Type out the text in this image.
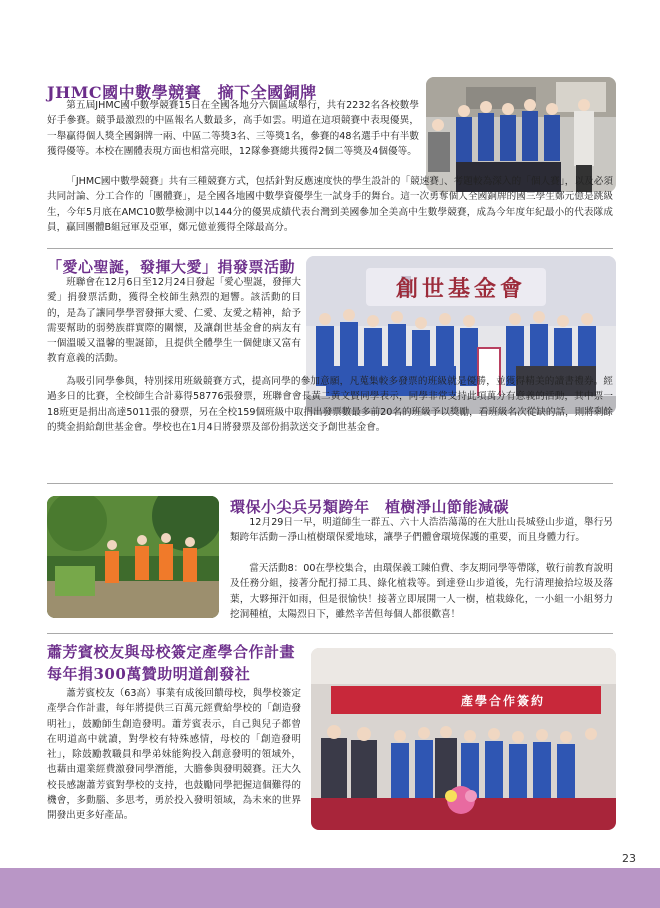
JHMC國中數學競賽　摘下全國銅牌

第五屆JHMC國中數學競賽15日在全國各地分六個區域舉行，共有2232名各校數學好手參賽。競爭最激烈的中區報名人數最多，高手如雲。明道在這項競賽中表現優異，一舉贏得個人獎全國銅牌一兩、中區二等獎3名、三等獎1名，參賽的48名選手中有半數獲得優等。本校在團體表現方面也相當亮眼，12隊參賽總共獲得2個二等獎及4個優等。

「JHMC國中數學競賽」共有三種競賽方式，包括針對反應速度快的學生設計的「競速賽」、考題較為深入的「個人賽」，以及必須共同討論、分工合作的「團體賽」，是全國各地國中數學資優學生一試身手的舞台。這一次勇奪個人全國銅牌的國三學生鄭元億是跳級生，今年5月底在AMC10數學檢測中以144分的優異成績代表台灣到美國參加全美高中生數學競賽，成為今年度年紀最小的代表隊成員，贏回團體B組冠軍及亞軍，鄭元億並獲得全隊最高分。

「愛心聖誕，發揮大愛」捐發票活動

班聯會在12月6日至12月24日發起「愛心聖誕，發揮大愛」捐發票活動，獲得全校師生熱烈的迴響。該活動的目的，是為了讓同學學習發揮大愛、仁愛、友愛之精神，給予需要幫助的弱勢族群實際的關懷，及讓創世基金會的病友有一個溫暖又溫馨的聖誕節，且提供全體學生一個健康又富有教育意義的活動。

創世基金會

為吸引同學參與，特別採用班級競賽方式，提高同學的參加意願，凡蒐集較多發票的班級就是優勝，並獲得精美的讀書禮券。經過多日的比賽，全校師生合計募得58776張發票，班聯會會長黃二黃文賢同學表示，同學非常支持此項萬分有意義的活動，其中票一18班更是捐出高達5011張的發票，另在全校159個班級中取捐出發票數最多前20名的班級予以獎勵，看班級名次從缺的話，則將剩餘的獎金捐給創世基金會。學校也在1月4日將發票及部份捐款送交予創世基金會。

環保小尖兵另類跨年　植樹淨山節能減碳

12月29日一早，明道師生一群五、六十人浩浩蕩蕩的在大肚山長城登山步道，舉行另類跨年活動－淨山植樹環保愛地球，讓學子們體會環境保護的重要，而且身體力行。

當天活動8：00在學校集合，由環保義工陳伯費、李友期同學等帶隊，敬行前教育說明及任務分組，接著分配打掃工具、綠化植栽等。到達登山步道後，先行清理撿拾垃圾及落葉，大夥揮汗如雨，但是很愉快！接著立即展開一人一樹，植栽綠化，一小組一小組努力挖洞種植，太陽烈日下，雖然辛苦但每個人都很歡喜！

蕭芳賓校友與母校簽定產學合作計畫
每年捐300萬贊助明道創發社

蕭芳賓校友（63高）事業有成後回饋母校，與學校簽定產學合作計畫，每年將提供三百萬元經費給學校的「創造發明社」，鼓勵師生創造發明。蕭芳賓表示，自己與兒子都曾在明道高中就讀，對學校有特殊感情，母校的「創造發明社」，除鼓勵教職員和學弟妹能夠投入創意發明的領域外，也藉由還業經費激發同學潛能，大膽參與發明競賽。汪大久校長感謝蕭芳賓對學校的支持，也鼓勵同學把握這個難得的機會，多動腦、多思考，勇於投入發明領域，為未來的世界開發出更多好產品。

產學合作簽約
23
